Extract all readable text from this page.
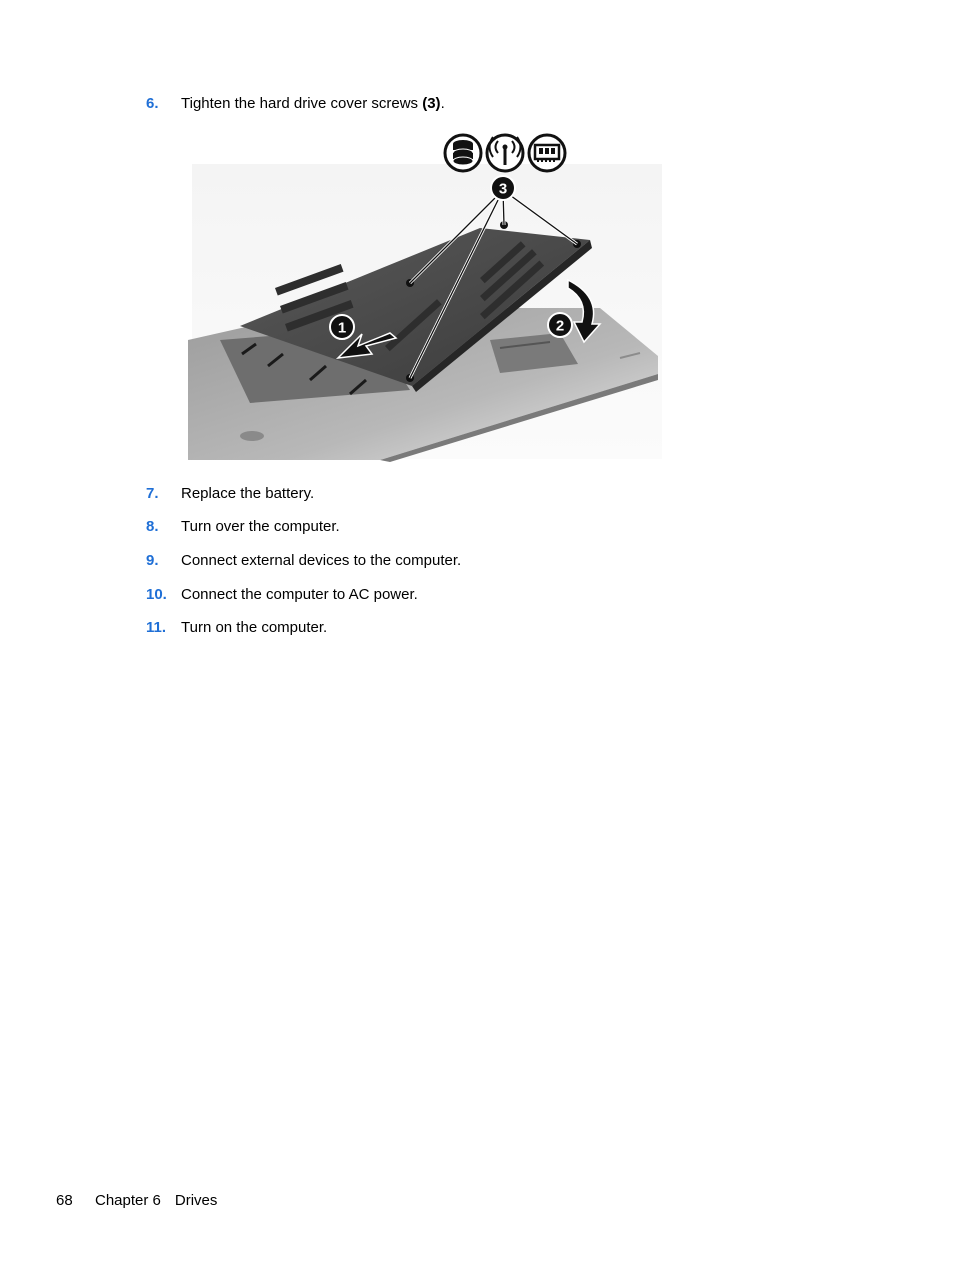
6. Tighten the hard drive cover screws (3).
1	2
3
7. Replace the battery.
8. Turn over the computer.
9. Connect external devices to the computer.
10. Connect the computer to AC power.
11. Turn on the computer.
68 Chapter 6 Drives
